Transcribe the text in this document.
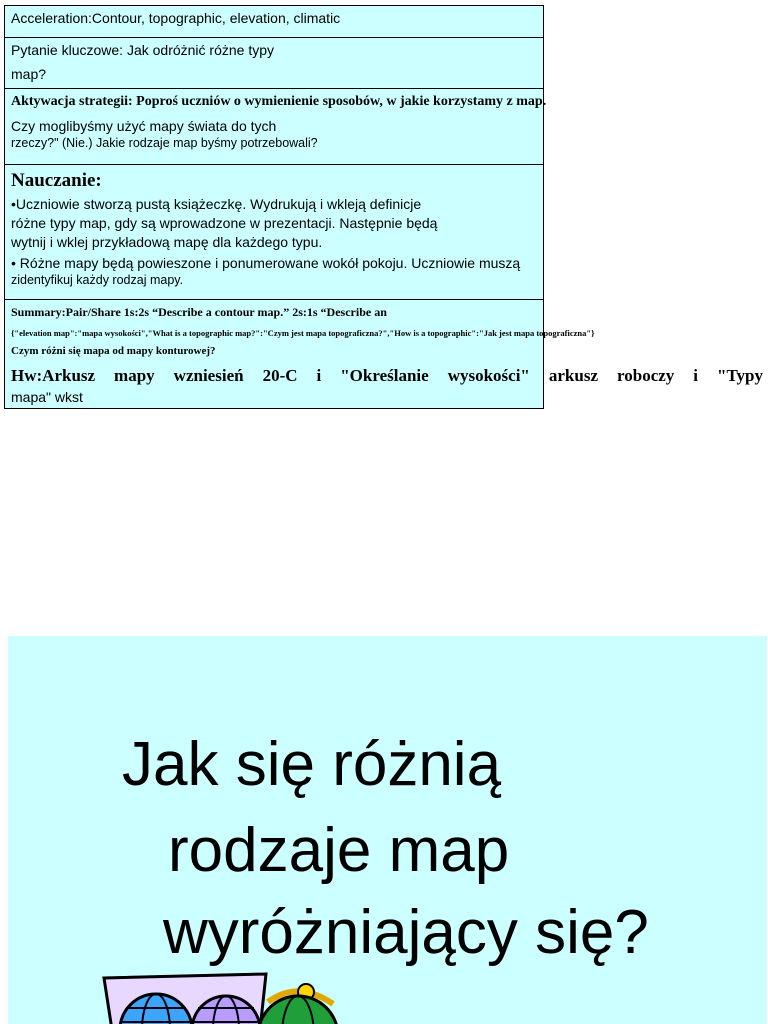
Acceleration:Contour, topographic, elevation, climatic
Pytanie kluczowe: Jak odróżnić różne typy
map?
Aktywacja strategii: Poproś uczniów o wymienienie sposobów, w jakie korzystamy z map.
Czy moglibyśmy użyć mapy świata do tych
rzeczy?" (Nie.) Jakie rodzaje map byśmy potrzebowali?
Nauczanie:
•Uczniowie stworzą pustą książeczkę. Wydrukują i wkleją definicje
różne typy map, gdy są wprowadzone w prezentacji. Następnie będą
wytnij i wklej przykładową mapę dla każdego typu.
• Różne mapy będą powieszone i ponumerowane wokół pokoju. Uczniowie muszą
zidentyfikuj każdy rodzaj mapy.
Summary:Pair/Share 1s:2s “Describe a contour map.” 2s:1s “Describe an
{"elevation map":"mapa wysokości","What is a topographic map?":"Czym jest mapa topograficzna?","How is a topographic":"Jak jest mapa topograficzna"}
Czym różni się mapa od mapy konturowej?
Hw:Arkusz mapy wzniesień 20-C i "Określanie wysokości" arkusz roboczy i "Typy
mapa" wkst
Jak się różnią
rodzaje map
wyróżniający się?
